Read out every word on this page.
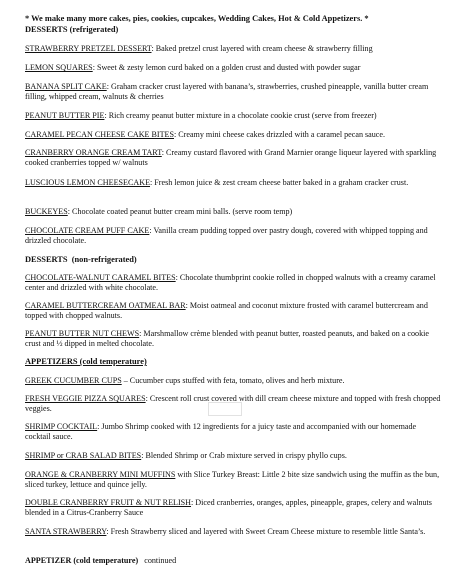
* We make many more cakes, pies, cookies, cupcakes, Wedding Cakes, Hot & Cold Appetizers. *
DESSERTS (refrigerated)
STRAWBERRY PRETZEL DESSERT: Baked pretzel crust layered with cream cheese & strawberry filling
LEMON SQUARES: Sweet & zesty lemon curd baked on a golden crust and dusted with powder sugar
BANANA SPLIT CAKE: Graham cracker crust layered with banana’s, strawberries, crushed pineapple, vanilla butter cream filling, whipped cream, walnuts & cherries
PEANUT BUTTER PIE: Rich creamy peanut butter mixture in a chocolate cookie crust (serve from freezer)
CARAMEL PECAN CHEESE CAKE BITES: Creamy mini cheese cakes drizzled with a caramel pecan sauce.
CRANBERRY ORANGE CREAM TART: Creamy custard flavored with Grand Marnier orange liqueur layered with sparkling cooked cranberries topped w/ walnuts
LUSCIOUS LEMON CHEESECAKE: Fresh lemon juice & zest cream cheese batter baked in a graham cracker crust.
BUCKEYES: Chocolate coated peanut butter cream mini balls. (serve room temp)
CHOCOLATE CREAM PUFF CAKE: Vanilla cream pudding topped over pastry dough, covered with whipped topping and drizzled chocolate.
DESSERTS (non-refrigerated)
CHOCOLATE-WALNUT CARAMEL BITES: Chocolate thumbprint cookie rolled in chopped walnuts with a creamy caramel center and drizzled with white chocolate.
CARAMEL BUTTERCREAM OATMEAL BAR: Moist oatmeal and coconut mixture frosted with caramel buttercream and topped with chopped walnuts.
PEANUT BUTTER NUT CHEWS: Marshmallow crème blended with peanut butter, roasted peanuts, and baked on a cookie crust and ½ dipped in melted chocolate.
APPETIZERS (cold temperature)
GREEK CUCUMBER CUPS – Cucumber cups stuffed with feta, tomato, olives and herb mixture.
FRESH VEGGIE PIZZA SQUARES: Crescent roll crust covered with dill cream cheese mixture and topped with fresh chopped veggies.
SHRIMP COCKTAIL: Jumbo Shrimp cooked with 12 ingredients for a juicy taste and accompanied with our homemade cocktail sauce.
SHRIMP or CRAB SALAD BITES: Blended Shrimp or Crab mixture served in crispy phyllo cups.
ORANGE & CRANBERRY MINI MUFFINS with Slice Turkey Breast: Little 2 bite size sandwich using the muffin as the bun, sliced turkey, lettuce and quince jelly.
DOUBLE CRANBERRY FRUIT & NUT RELISH: Diced cranberries, oranges, apples, pineapple, grapes, celery and walnuts blended in a Citrus-Cranberry Sauce
SANTA STRAWBERRY: Fresh Strawberry sliced and layered with Sweet Cream Cheese mixture to resemble little Santa’s.
APPETIZER (cold temperature) continued
